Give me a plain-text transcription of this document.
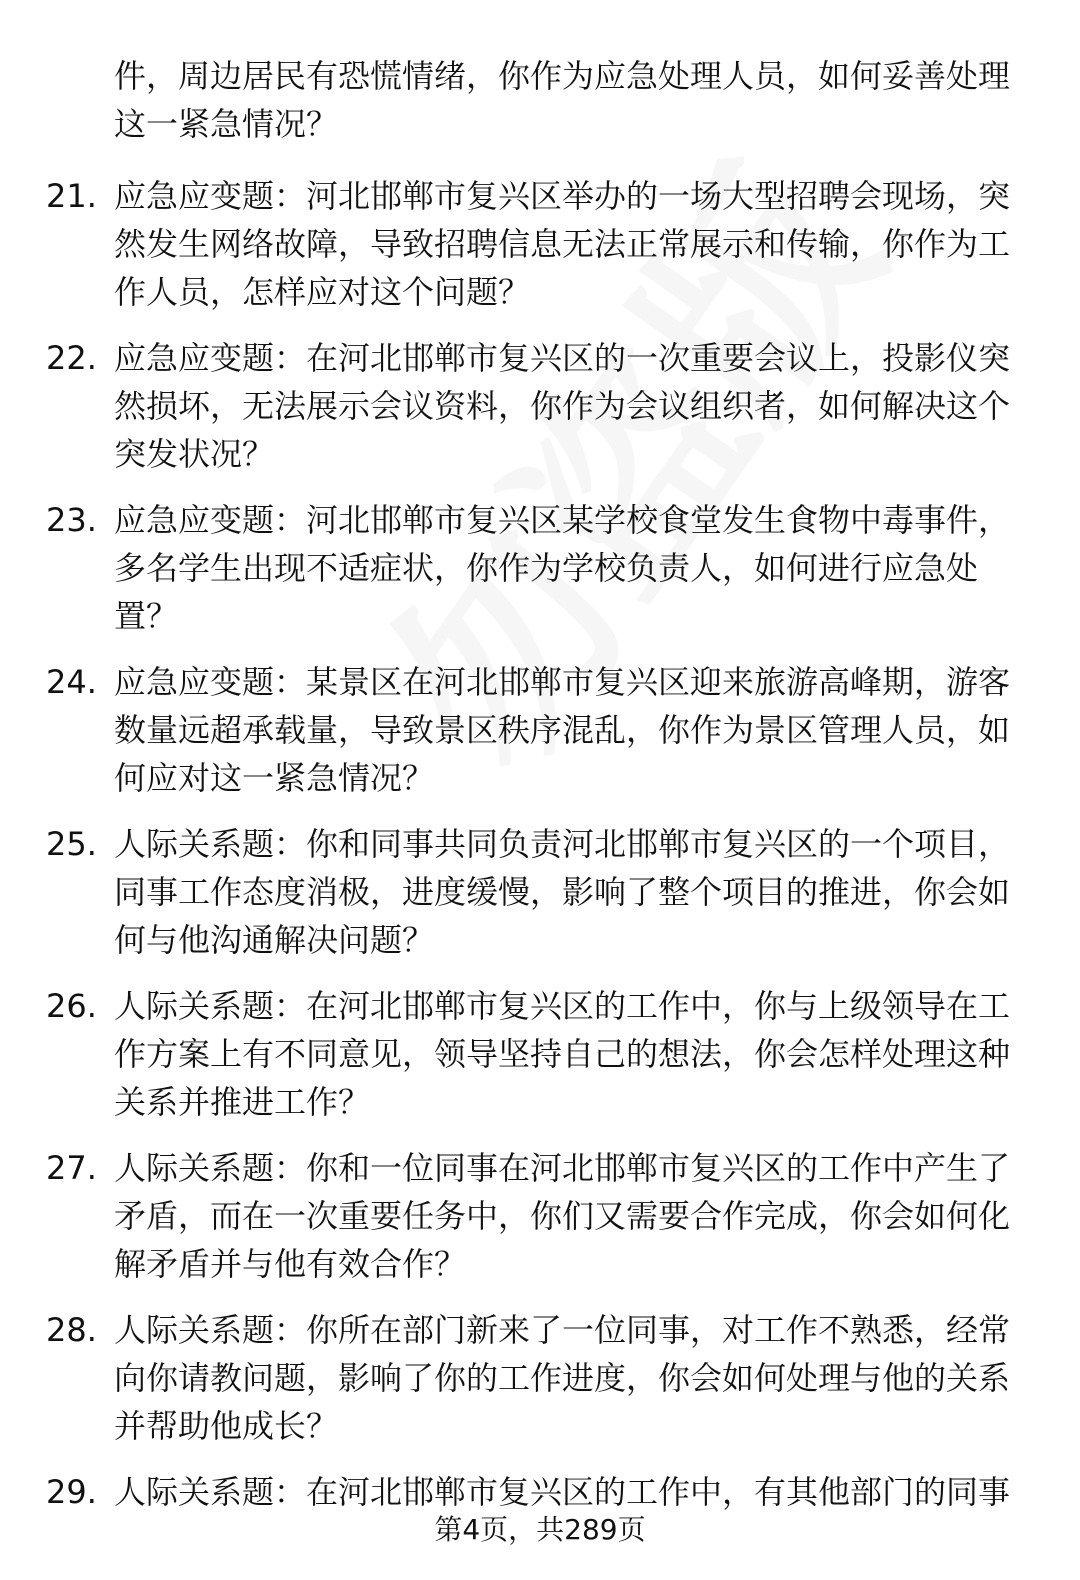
件，周边居民有恐慌情绪，你作为应急处理人员，如何妥善处理这一紧急情况？

21. 应急应变题：河北邯郸市复兴区举办的一场大型招聘会现场，突然发生网络故障，导致招聘信息无法正常展示和传输，你作为工作人员，怎样应对这个问题？
22. 应急应变题：在河北邯郸市复兴区的一次重要会议上，投影仪突然损坏，无法展示会议资料，你作为会议组织者，如何解决这个突发状况？
23. 应急应变题：河北邯郸市复兴区某学校食堂发生食物中毒事件，多名学生出现不适症状，你作为学校负责人，如何进行应急处置？
24. 应急应变题：某景区在河北邯郸市复兴区迎来旅游高峰期，游客数量远超承载量，导致景区秩序混乱，你作为景区管理人员，如何应对这一紧急情况？
25. 人际关系题：你和同事共同负责河北邯郸市复兴区的一个项目，同事工作态度消极，进度缓慢，影响了整个项目的推进，你会如何与他沟通解决问题？
26. 人际关系题：在河北邯郸市复兴区的工作中，你与上级领导在工作方案上有不同意见，领导坚持自己的想法，你会怎样处理这种关系并推进工作？
27. 人际关系题：你和一位同事在河北邯郸市复兴区的工作中产生了矛盾，而在一次重要任务中，你们又需要合作完成，你会如何化解矛盾并与他有效合作？
28. 人际关系题：你所在部门新来了一位同事，对工作不熟悉，经常向你请教问题，影响了你的工作进度，你会如何处理与他的关系并帮助他成长？
29. 人际关系题：在河北邯郸市复兴区的工作中，有其他部门的同事
第4页，共289页
